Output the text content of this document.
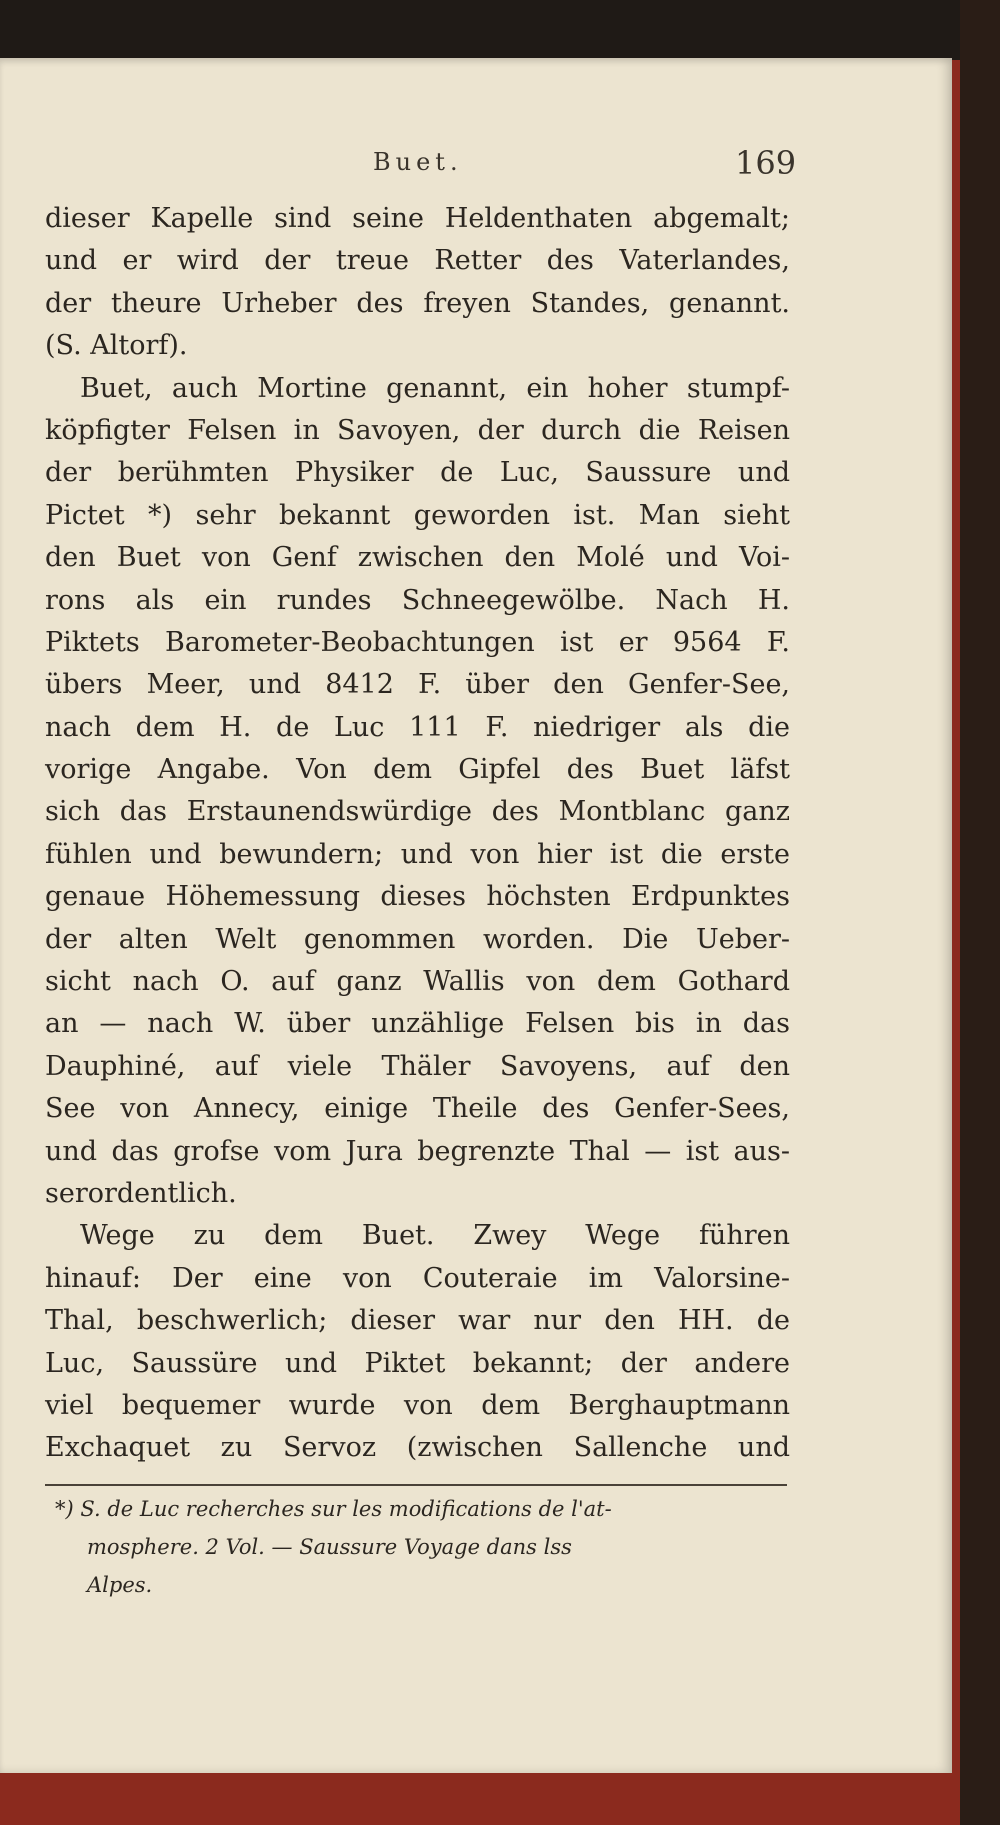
Buet.	169
dieser Kapelle sind seine Heldenthaten abgemalt;
und er wird der treue Retter des Vaterlandes,
der theure Urheber des freyen Standes, genannt.
(S. Altorf).
Buet, auch Mortine genannt, ein hoher stumpf-
köpfigter Felsen in Savoyen, der durch die Reisen
der berühmten Physiker de Luc, Saussure und
Pictet *) sehr bekannt geworden ist. Man sieht
den Buet von Genf zwischen den Molé und Voi-
rons als ein rundes Schneegewölbe. Nach H.
Piktets Barometer-Beobachtungen ist er 9564 F.
übers Meer, und 8412 F. über den Genfer-See,
nach dem H. de Luc 111 F. niedriger als die
vorige Angabe. Von dem Gipfel des Buet läfst
sich das Erstaunendswürdige des Montblanc ganz
fühlen und bewundern; und von hier ist die erste
genaue Höhemessung dieses höchsten Erdpunktes
der alten Welt genommen worden. Die Ueber-
sicht nach O. auf ganz Wallis von dem Gothard
an — nach W. über unzählige Felsen bis in das
Dauphiné, auf viele Thäler Savoyens, auf den
See von Annecy, einige Theile des Genfer-Sees,
und das grofse vom Jura begrenzte Thal — ist aus-
serordentlich.
Wege zu dem Buet. Zwey Wege führen
hinauf: Der eine von Couteraie im Valorsine-
Thal, beschwerlich; dieser war nur den HH. de
Luc, Saussüre und Piktet bekannt; der andere
viel bequemer wurde von dem Berghauptmann
Exchaquet zu Servoz (zwischen Sallenche und
*) S. de Luc recherches sur les modifications de l'at-
mosphere. 2 Vol. — Saussure Voyage dans lss
Alpes.
